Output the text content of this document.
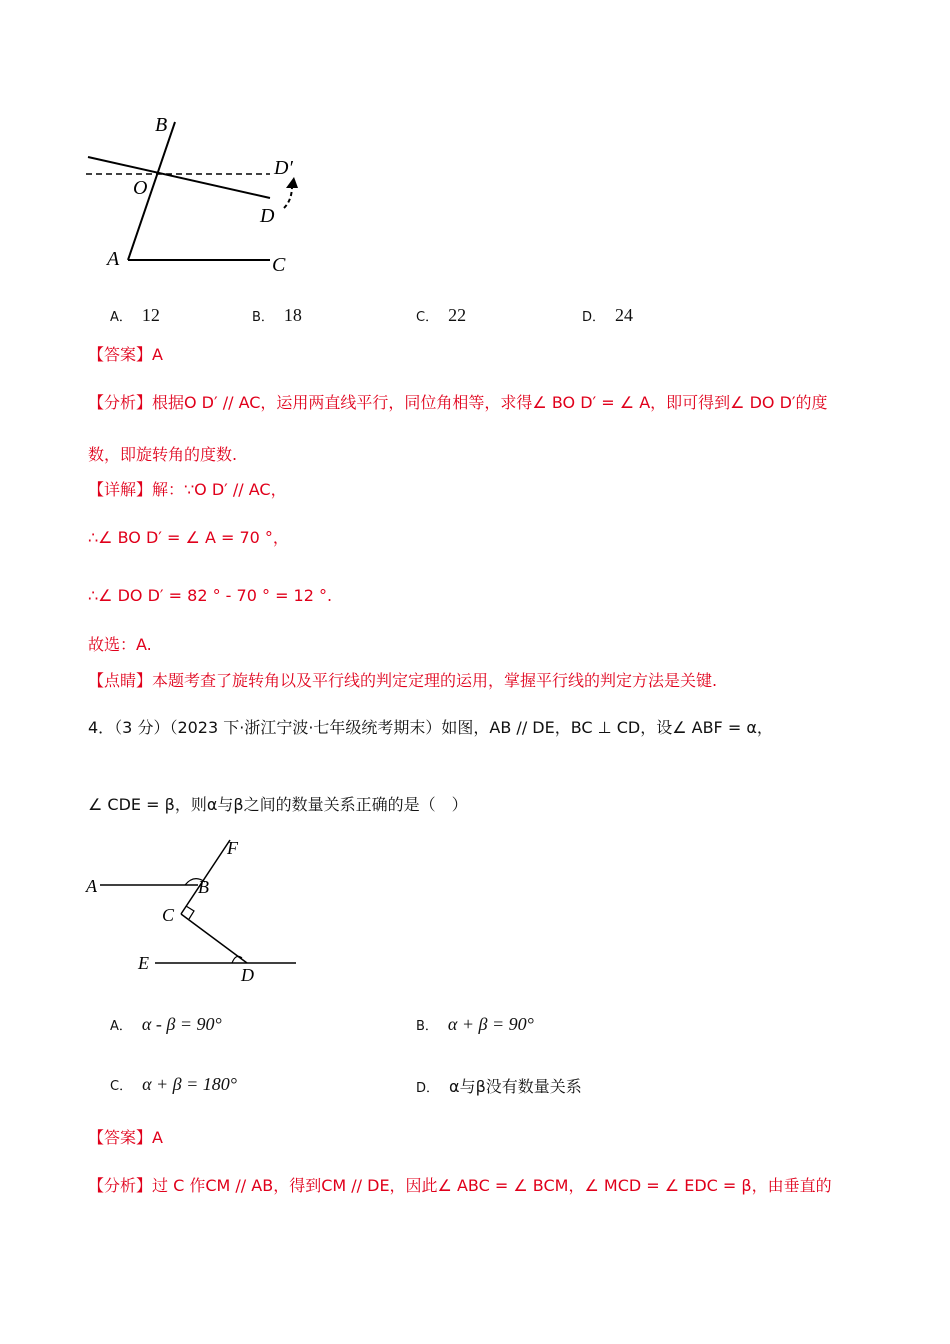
B
O
A	C
D
D′
A． 12	B． 18	C． 22	D． 24
【答案】A
【分析】根据O D′ // AC，运用两直线平行，同位角相等，求得∠ BO D′ = ∠ A，即可得到∠ DO D′的度
数，即旋转角的度数.
【详解】解：∵O D′ // AC，
∴∠ BO D′ = ∠ A = 70 °，
∴∠ DO D′ = 82 ° - 70 ° = 12 °.
故选：A.
【点睛】本题考查了旋转角以及平行线的判定定理的运用，掌握平行线的判定方法是关键.
4．（3 分）（2023 下·浙江宁波·七年级统考期末）如图，AB // DE，BC ⊥ CD，设∠ ABF = α，
∠ CDE = β，则α与β之间的数量关系正确的是（　）
F
A	B
C
E
D
A． α - β = 90°	B． α + β = 90°
C． α + β = 180°	D． α与β没有数量关系
【答案】A
【分析】过 C 作CM // AB，得到CM // DE，因此∠ ABC = ∠ BCM，∠ MCD = ∠ EDC = β，由垂直的
